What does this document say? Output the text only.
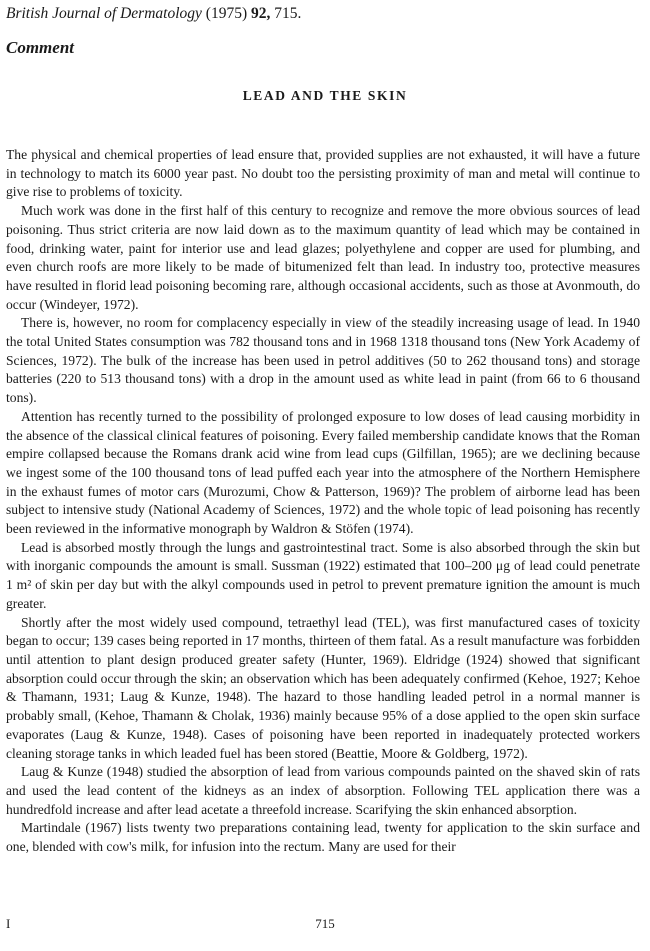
British Journal of Dermatology (1975) 92, 715.
Comment
LEAD AND THE SKIN

The physical and chemical properties of lead ensure that, provided supplies are not exhausted, it will have a future in technology to match its 6000 year past. No doubt too the persisting proximity of man and metal will continue to give rise to problems of toxicity.

Much work was done in the first half of this century to recognize and remove the more obvious sources of lead poisoning. Thus strict criteria are now laid down as to the maximum quantity of lead which may be contained in food, drinking water, paint for interior use and lead glazes; polyethylene and copper are used for plumbing, and even church roofs are more likely to be made of bitumenized felt than lead. In industry too, protective measures have resulted in florid lead poisoning becoming rare, although occasional accidents, such as those at Avonmouth, do occur (Windeyer, 1972).

There is, however, no room for complacency especially in view of the steadily increasing usage of lead. In 1940 the total United States consumption was 782 thousand tons and in 1968 1318 thousand tons (New York Academy of Sciences, 1972). The bulk of the increase has been used in petrol additives (50 to 262 thousand tons) and storage batteries (220 to 513 thousand tons) with a drop in the amount used as white lead in paint (from 66 to 6 thousand tons).

Attention has recently turned to the possibility of prolonged exposure to low doses of lead causing morbidity in the absence of the classical clinical features of poisoning. Every failed membership candidate knows that the Roman empire collapsed because the Romans drank acid wine from lead cups (Gilfillan, 1965); are we declining because we ingest some of the 100 thousand tons of lead puffed each year into the atmosphere of the Northern Hemisphere in the exhaust fumes of motor cars (Murozumi, Chow & Patterson, 1969)? The problem of airborne lead has been subject to intensive study (National Academy of Sciences, 1972) and the whole topic of lead poisoning has recently been reviewed in the informative monograph by Waldron & Stöfen (1974).

Lead is absorbed mostly through the lungs and gastrointestinal tract. Some is also absorbed through the skin but with inorganic compounds the amount is small. Sussman (1922) estimated that 100–200 μg of lead could penetrate 1 m² of skin per day but with the alkyl compounds used in petrol to prevent premature ignition the amount is much greater.

Shortly after the most widely used compound, tetraethyl lead (TEL), was first manufactured cases of toxicity began to occur; 139 cases being reported in 17 months, thirteen of them fatal. As a result manufacture was forbidden until attention to plant design produced greater safety (Hunter, 1969). Eldridge (1924) showed that significant absorption could occur through the skin; an observation which has been adequately confirmed (Kehoe, 1927; Kehoe & Thamann, 1931; Laug & Kunze, 1948). The hazard to those handling leaded petrol in a normal manner is probably small, (Kehoe, Thamann & Cholak, 1936) mainly because 95% of a dose applied to the open skin surface evaporates (Laug & Kunze, 1948). Cases of poisoning have been reported in inadequately protected workers cleaning storage tanks in which leaded fuel has been stored (Beattie, Moore & Goldberg, 1972).

Laug & Kunze (1948) studied the absorption of lead from various compounds painted on the shaved skin of rats and used the lead content of the kidneys as an index of absorption. Following TEL application there was a hundredfold increase and after lead acetate a threefold increase. Scarifying the skin enhanced absorption.

Martindale (1967) lists twenty two preparations containing lead, twenty for application to the skin surface and one, blended with cow's milk, for infusion into the rectum. Many are used for their

I	715
